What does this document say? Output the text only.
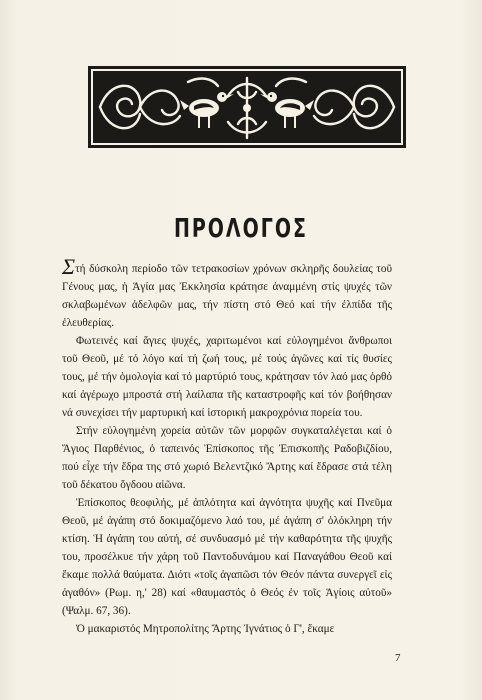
ΠΡΟΛΟΓΟΣ

Στή δύσκολη περίοδο τῶν τετρακοσίων χρόνων σκληρῆς δουλείας τοῦ Γένους μας, ἡ Ἁγία μας Ἐκκλησία κράτησε ἀναμμένη στίς ψυχές τῶν σκλαβωμένων ἀδελφῶν μας, τήν πίστη στό Θεό καί τήν ἐλπίδα τῆς ἐλευθερίας.

Φωτεινές καί ἅγιες ψυχές, χαριτωμένοι καί εὐλογημένοι ἄνθρωποι τοῦ Θεοῦ, μέ τό λόγο καί τή ζωή τους, μέ τούς ἀγῶνες καί τίς θυσίες τους, μέ τήν ὁμολογία καί τό μαρτύριό τους, κράτησαν τόν λαό μας ὀρθό καί ἀγέρωχο μπροστά στή λαίλαπα τῆς καταστροφῆς καί τόν βοήθησαν νά συνεχίσει τήν μαρτυρική καί ἱστορική μακροχρόνια πορεία του.

Στήν εὐλογημένη χορεία αὐτῶν τῶν μορφῶν συγκαταλέγεται καί ὁ Ἅγιος Παρθένιος, ὁ ταπεινός Ἐπίσκοπος τῆς Ἐπισκοπῆς Ραδοβιζδίου, πού εἶχε τήν ἕδρα της στό χωριό Βελεντζικό Ἄρτης καί ἔδρασε στά τέλη τοῦ δέκατου ὄγδοου αἰῶνα.

Ἐπίσκοπος θεοφιλής, μέ ἁπλότητα καί ἁγνότητα ψυχῆς καί Πνεῦμα Θεοῦ, μέ ἀγάπη στό δοκιμαζόμενο λαό του, μέ ἀγάπη σ' ὁλόκληρη τήν κτίση. Ἡ ἀγάπη του αὐτή, σέ συνδυασμό μέ τήν καθαρότητα τῆς ψυχῆς του, προσέλκυε τήν χάρη τοῦ Παντοδυνάμου καί Παναγάθου Θεοῦ καί ἔκαμε πολλά θαύματα. Διότι «τοῖς ἀγαπῶσι τόν Θεόν πάντα συνεργεῖ εἰς ἀγαθόν» (Ρωμ. η,' 28) καί «θαυμαστός ὁ Θεός ἐν τοῖς Ἁγίοις αὐτοῦ» (Ψαλμ. 67, 36).

Ὁ μακαριστός Μητροπολίτης Ἄρτης Ἰγνάτιος ὁ Γ', ἔκαμε

7
